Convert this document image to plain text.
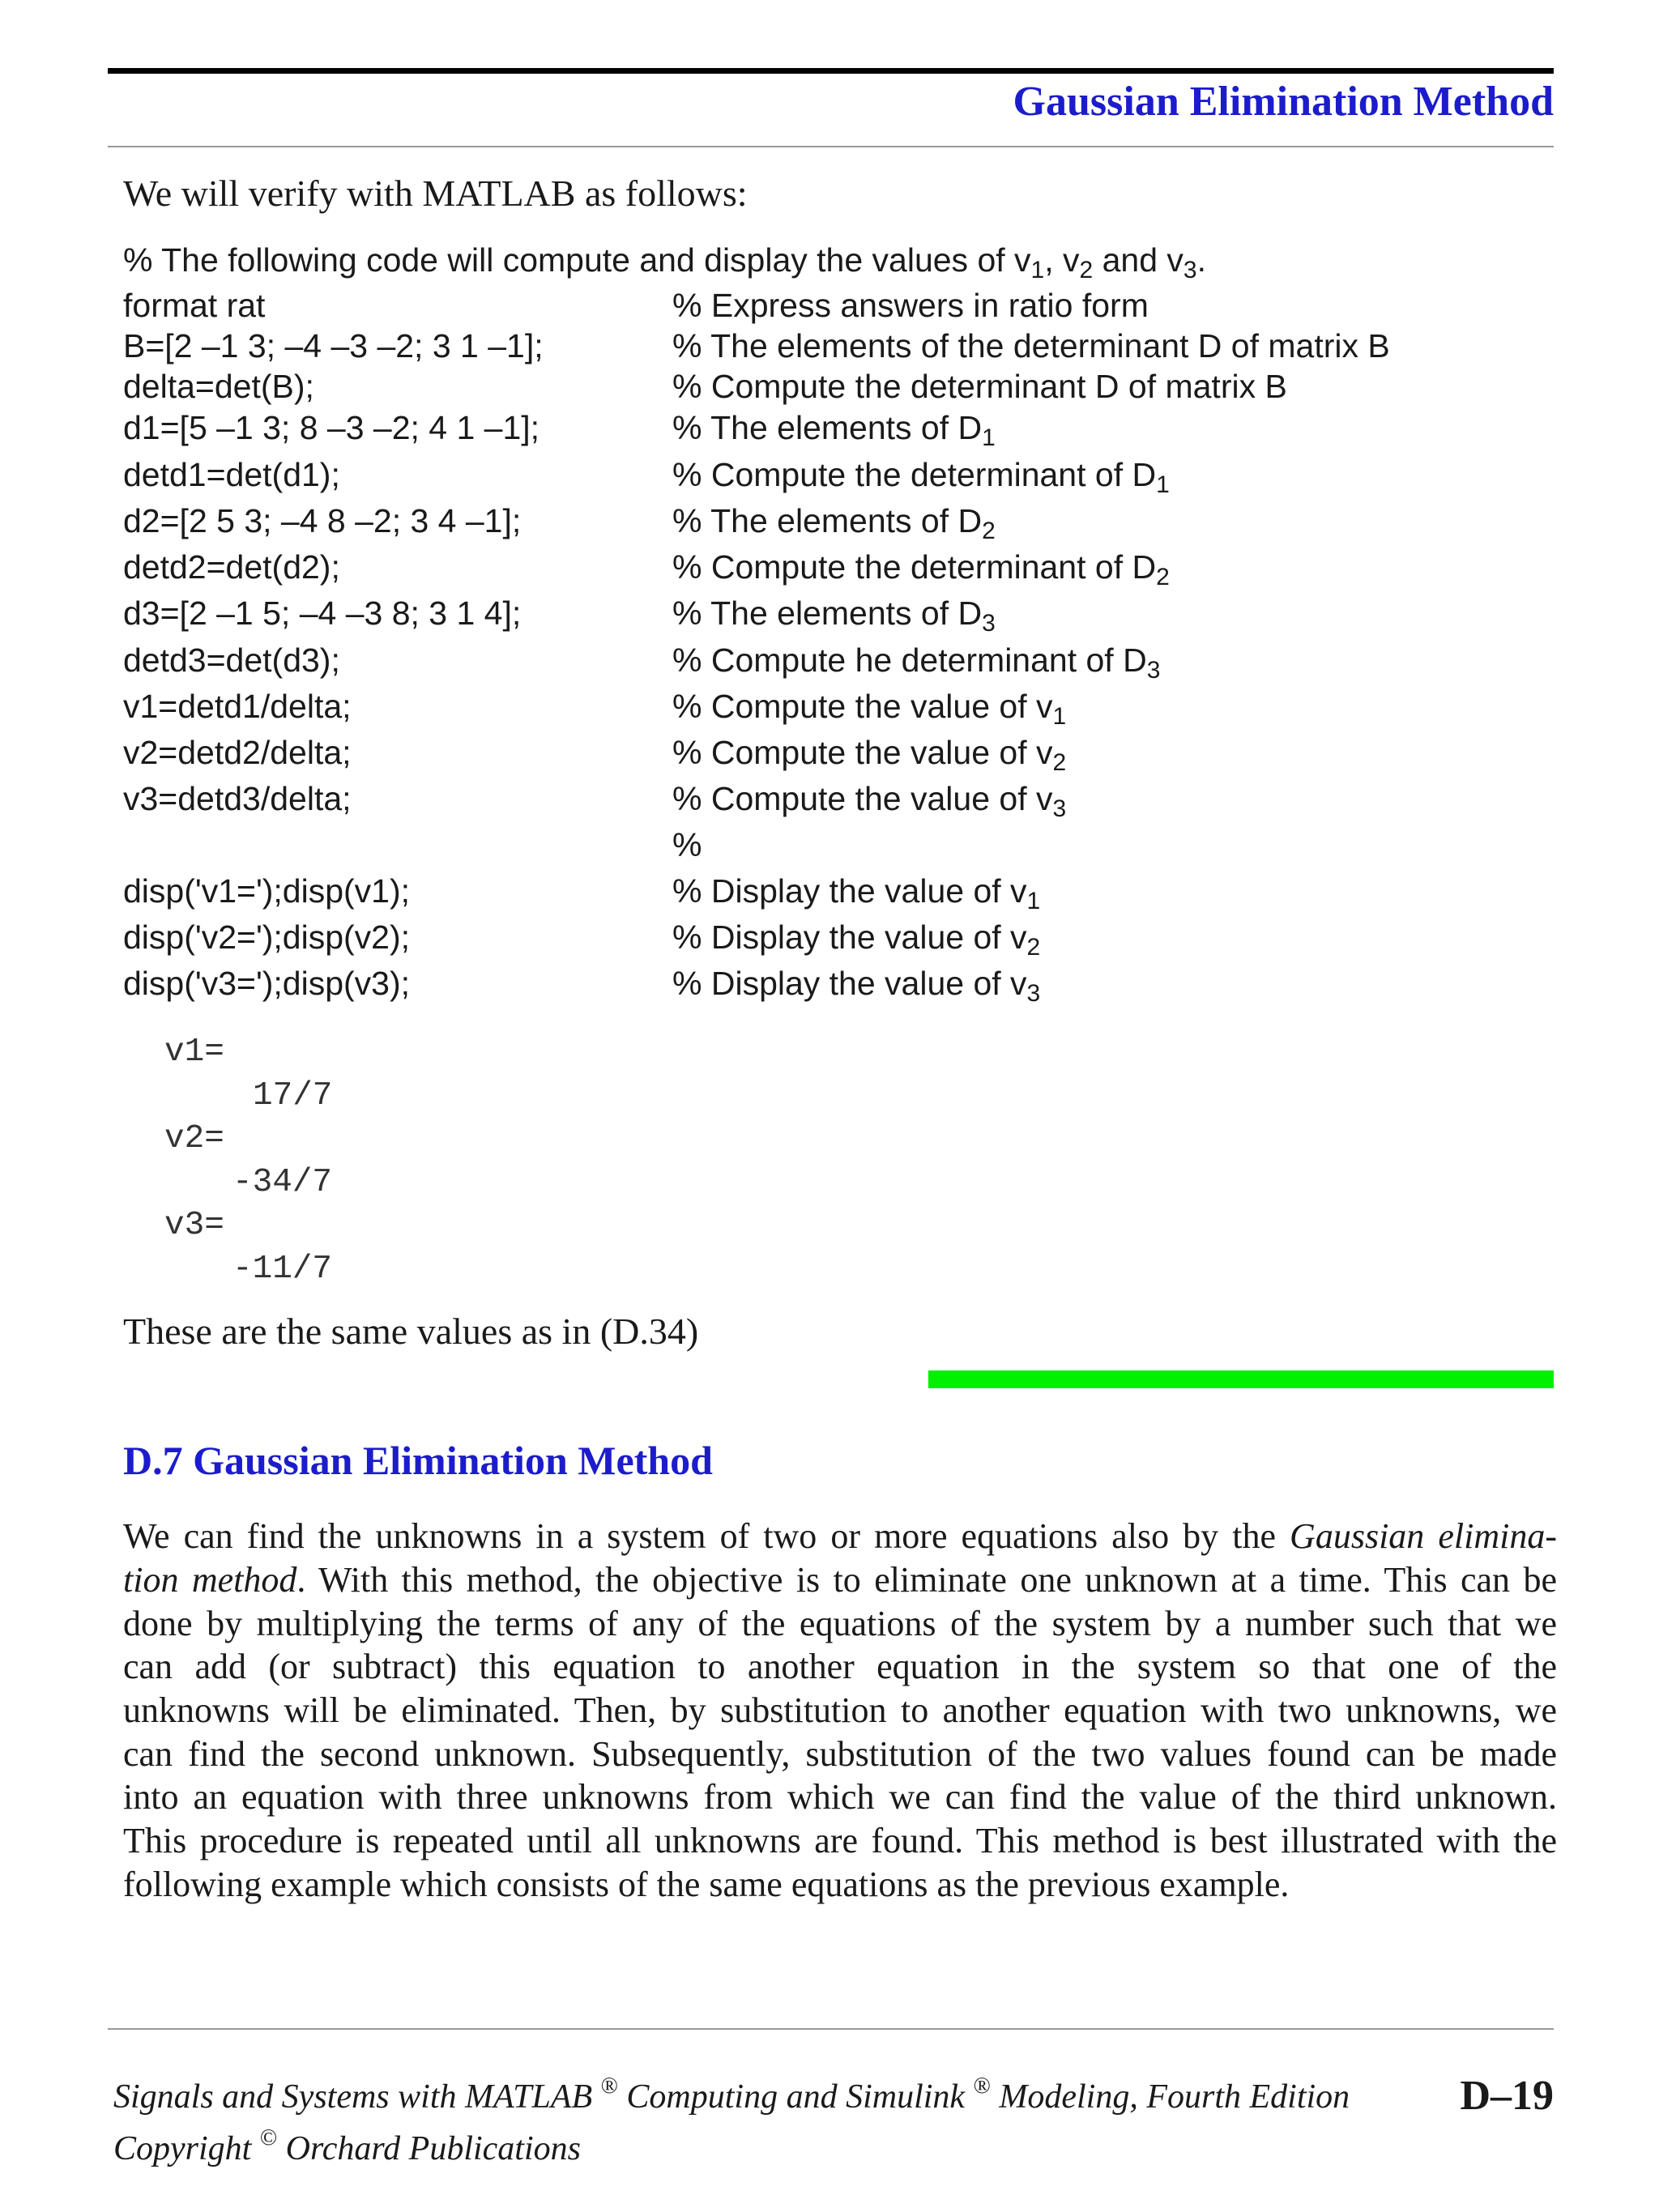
Gaussian Elimination Method
We will verify with MATLAB as follows:
% The following code will compute and display the values of $v_1$, $v_2$ and $v_3$.
format rat	% Express answers in ratio form
B=[2 –1 3; –4 –3 –2; 3 1 –1];	% The elements of the determinant D of matrix B
delta=det(B);	% Compute the determinant D of matrix B
d1=[5 –1 3; 8 –3 –2; 4 1 –1];	% The elements of $D_1$
detd1=det(d1);	% Compute the determinant of $D_1$
d2=[2 5 3; –4 8 –2; 3 4 –1];	% The elements of $D_2$
detd2=det(d2);	% Compute the determinant of $D_2$
d3=[2 –1 5; –4 –3 8; 3 1 4];	% The elements of $D_3$
detd3=det(d3);	% Compute he determinant of $D_3$
v1=detd1/delta;	% Compute the value of $v_1$
v2=detd2/delta;	% Compute the value of $v_2$
v3=detd3/delta;	% Compute the value of $v_3$
%
disp('v1=');disp(v1);	% Display the value of $v_1$
disp('v2=');disp(v2);	% Display the value of $v_2$
disp('v3=');disp(v3);	% Display the value of $v_3$
v1=
17/7
v2=
-34/7
v3=
-11/7
These are the same values as in (D.34)
D.7 Gaussian Elimination Method
We can find the unknowns in a system of two or more equations also by the Gaussian elimina-
tion method. With this method, the objective is to eliminate one unknown at a time. This can be
done by multiplying the terms of any of the equations of the system by a number such that we
can add (or subtract) this equation to another equation in the system so that one of the
unknowns will be eliminated. Then, by substitution to another equation with two unknowns, we
can find the second unknown. Subsequently, substitution of the two values found can be made
into an equation with three unknowns from which we can find the value of the third unknown.
This procedure is repeated until all unknowns are found. This method is best illustrated with the
following example which consists of the same equations as the previous example.
Signals and Systems with MATLAB ® Computing and Simulink ® Modeling, Fourth Edition
Copyright © Orchard Publications
D–19
